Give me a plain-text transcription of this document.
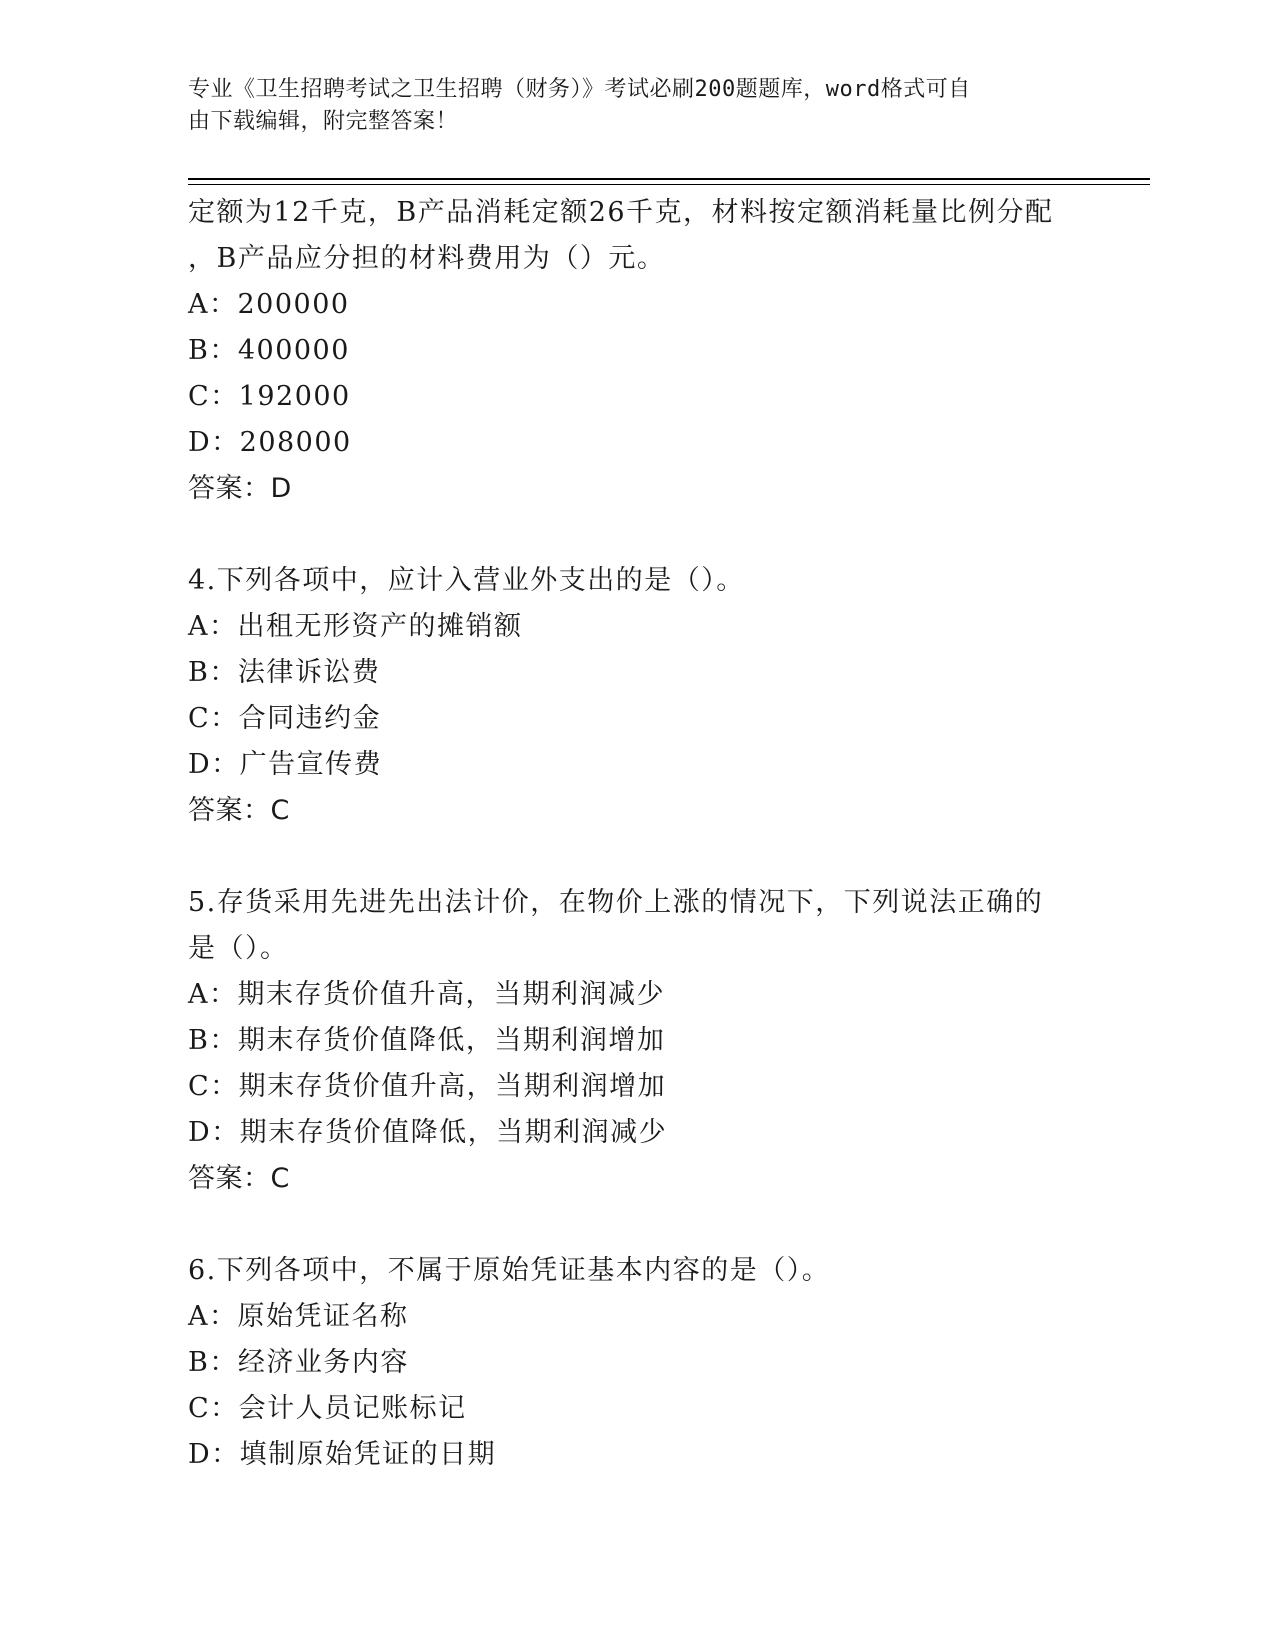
专业《卫生招聘考试之卫生招聘（财务）》考试必刷200题题库，word格式可自
由下载编辑，附完整答案！
定额为12千克，B产品消耗定额26千克，材料按定额消耗量比例分配
，B产品应分担的材料费用为（）元。
A：200000
B：400000
C：192000
D：208000
答案：D
4.下列各项中，应计入营业外支出的是（）。
A：出租无形资产的摊销额
B：法律诉讼费
C：合同违约金
D：广告宣传费
答案：C
5.存货采用先进先出法计价，在物价上涨的情况下，下列说法正确的
是（）。
A：期末存货价值升高，当期利润减少
B：期末存货价值降低，当期利润增加
C：期末存货价值升高，当期利润增加
D：期末存货价值降低，当期利润减少
答案：C
6.下列各项中，不属于原始凭证基本内容的是（）。
A：原始凭证名称
B：经济业务内容
C：会计人员记账标记
D：填制原始凭证的日期
